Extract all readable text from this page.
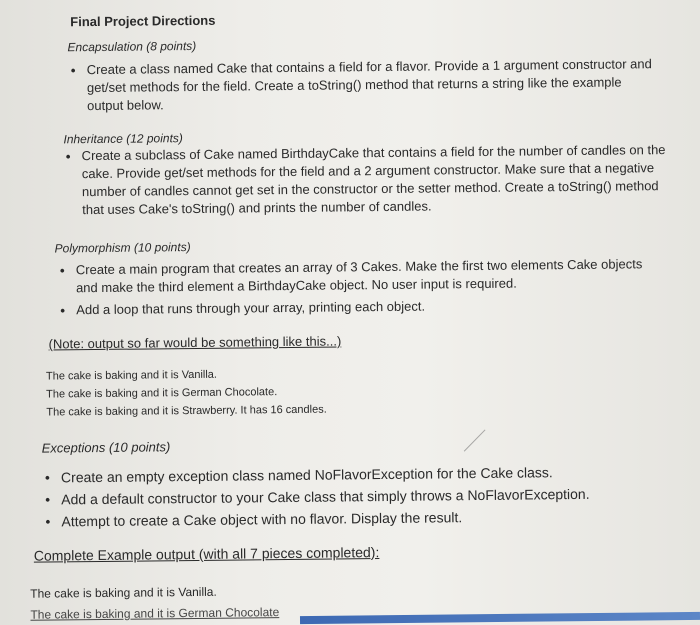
Final Project Directions
Encapsulation (8 points)
• Create a class named Cake that contains a field for a flavor. Provide a 1 argument constructor and get/set methods for the field. Create a toString() method that returns a string like the example output below.
Inheritance (12 points)
• Create a subclass of Cake named BirthdayCake that contains a field for the number of candles on the cake. Provide get/set methods for the field and a 2 argument constructor. Make sure that a negative number of candles cannot get set in the constructor or the setter method. Create a toString() method that uses Cake's toString() and prints the number of candles.
Polymorphism (10 points)
• Create a main program that creates an array of 3 Cakes. Make the first two elements Cake objects and make the third element a BirthdayCake object. No user input is required.
• Add a loop that runs through your array, printing each object.
(Note: output so far would be something like this...)
The cake is baking and it is Vanilla.
The cake is baking and it is German Chocolate.
The cake is baking and it is Strawberry. It has 16 candles.
Exceptions (10 points)
• Create an empty exception class named NoFlavorException for the Cake class.
• Add a default constructor to your Cake class that simply throws a NoFlavorException.
• Attempt to create a Cake object with no flavor. Display the result.
Complete Example output (with all 7 pieces completed):
The cake is baking and it is Vanilla.
The cake is baking and it is German Chocolate
